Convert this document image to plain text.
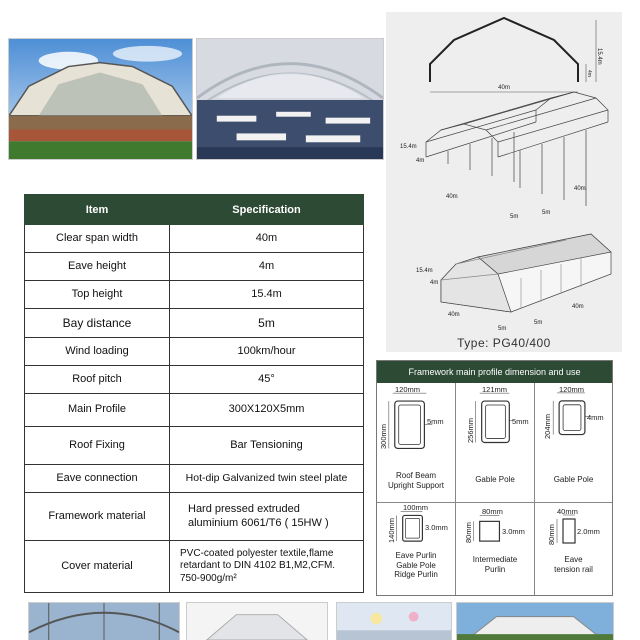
Item	Specification
Clear span width	40m
Eave height	4m
Top height	15.4m
Bay distance	5m
Wind loading	100km/hour
Roof pitch	45°
Main Profile	300X120X5mm
Roof Fixing	Bar Tensioning
Eave connection	Hot-dip Galvanized twin steel plate
Framework material	Hard pressed extruded
aluminium 6061/T6 ( 15HW )

Cover material	PVC-coated polyester textile,flame
retardant to DIN 4102 B1,M2,CFM.
750-900g/m²
40m
15.4m
4m
15.4m
4m
40m
40m
5m
5m
15.4m
4m
40m
40m
5m
5m
Type: PG40/400
Framework main profile dimension and use
120mm
300mm
5mm
Roof Beam
Upright Support
121mm
256mm	5mm
Gable Pole
120mm
204mm	4mm
Gable Pole
100mm
140mm	3.0mm
Eave Purlin
Gable Pole
Ridge Purlin
80mm
80mm	3.0mm
Intermediate
Purlin
40mm
80mm	2.0mm
Eave
tension rail
